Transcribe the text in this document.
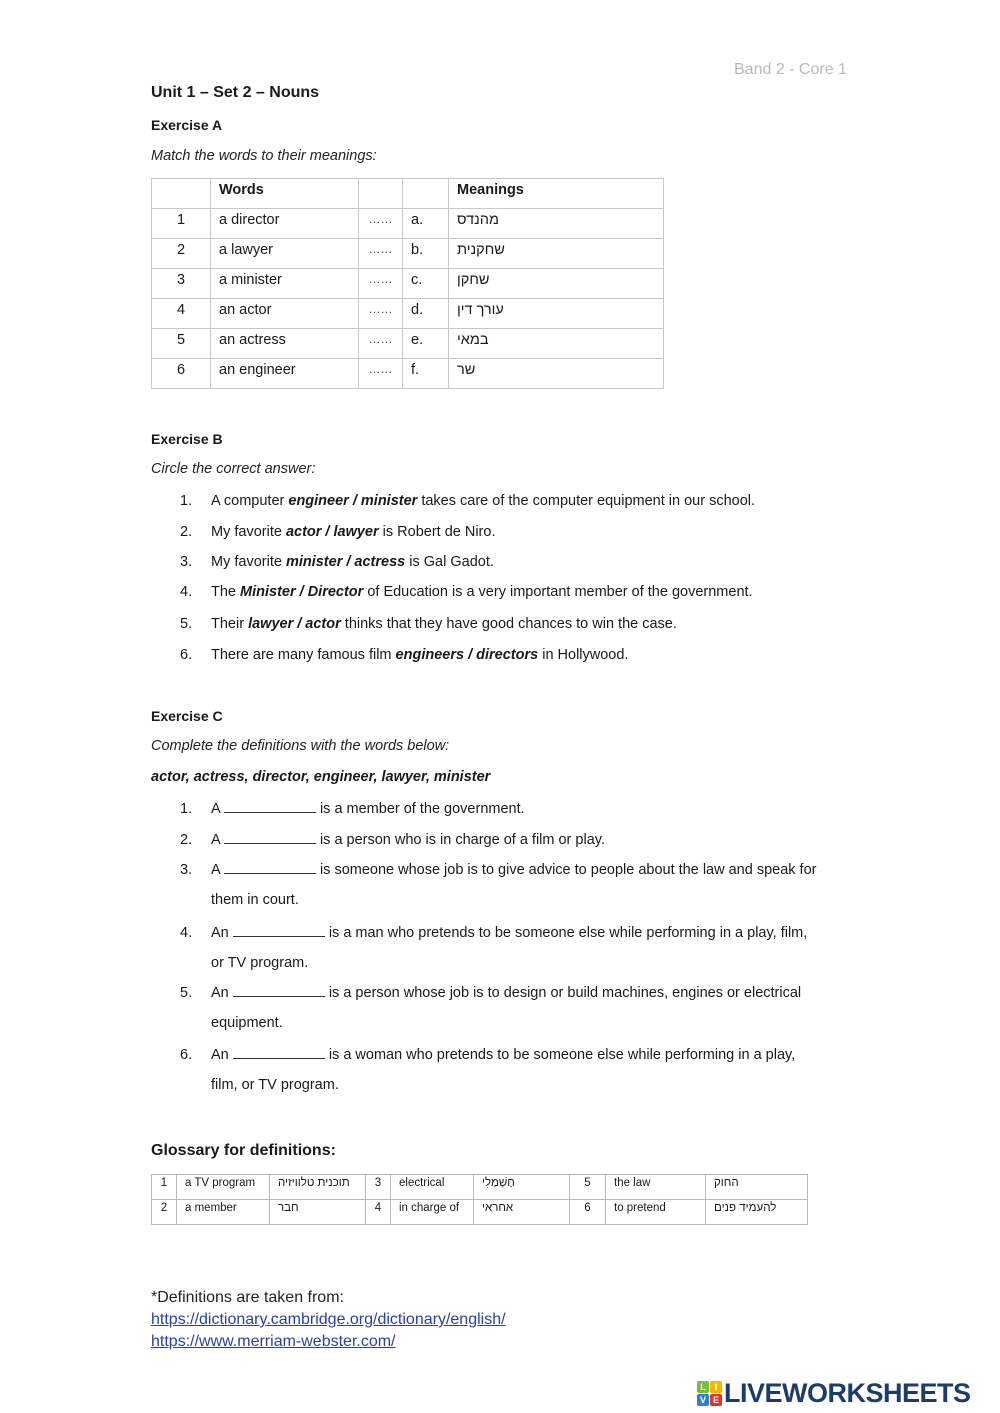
Band 2 - Core 1
Unit 1 – Set 2 – Nouns
Exercise A
Match the words to their meanings:
	Words			Meanings
1	a director	……	a.	מהנדס
2	a lawyer	……	b.	שחקנית
3	a minister	……	c.	שחקן
4	an actor	……	d.	עורך דין
5	an actress	……	e.	במאי
6	an engineer	……	f.	שר
Exercise B
Circle the correct answer:
1. A computer engineer / minister takes care of the computer equipment in our school.
2. My favorite actor / lawyer is Robert de Niro.
3. My favorite minister / actress is Gal Gadot.
4. The Minister / Director of Education is a very important member of the government.
5. Their lawyer / actor thinks that they have good chances to win the case.
6. There are many famous film engineers / directors in Hollywood.
Exercise C
Complete the definitions with the words below:
actor, actress, director, engineer, lawyer, minister
1. A	is a member of the government.
2. A	is a person who is in charge of a film or play.
3. A	is someone whose job is to give advice to people about the law and speak for
them in court.
4. An	is a man who pretends to be someone else while performing in a play, film,
or TV program.
5. An	is a person whose job is to design or build machines, engines or electrical
equipment.
6. An	is a woman who pretends to be someone else while performing in a play,
film, or TV program.
Glossary for definitions:
1	a TV program	תוכנית טלוויזיה	3	electrical	חַשְׁמַלִי	5	the law	החוק
2	a member	חבר	4	in charge of	אחראי	6	to pretend	להעמיד פנים
*Definitions are taken from:
https://dictionary.cambridge.org/dictionary/english/
https://www.merriam-webster.com/
L I
V E LIVEWORKSHEETS
